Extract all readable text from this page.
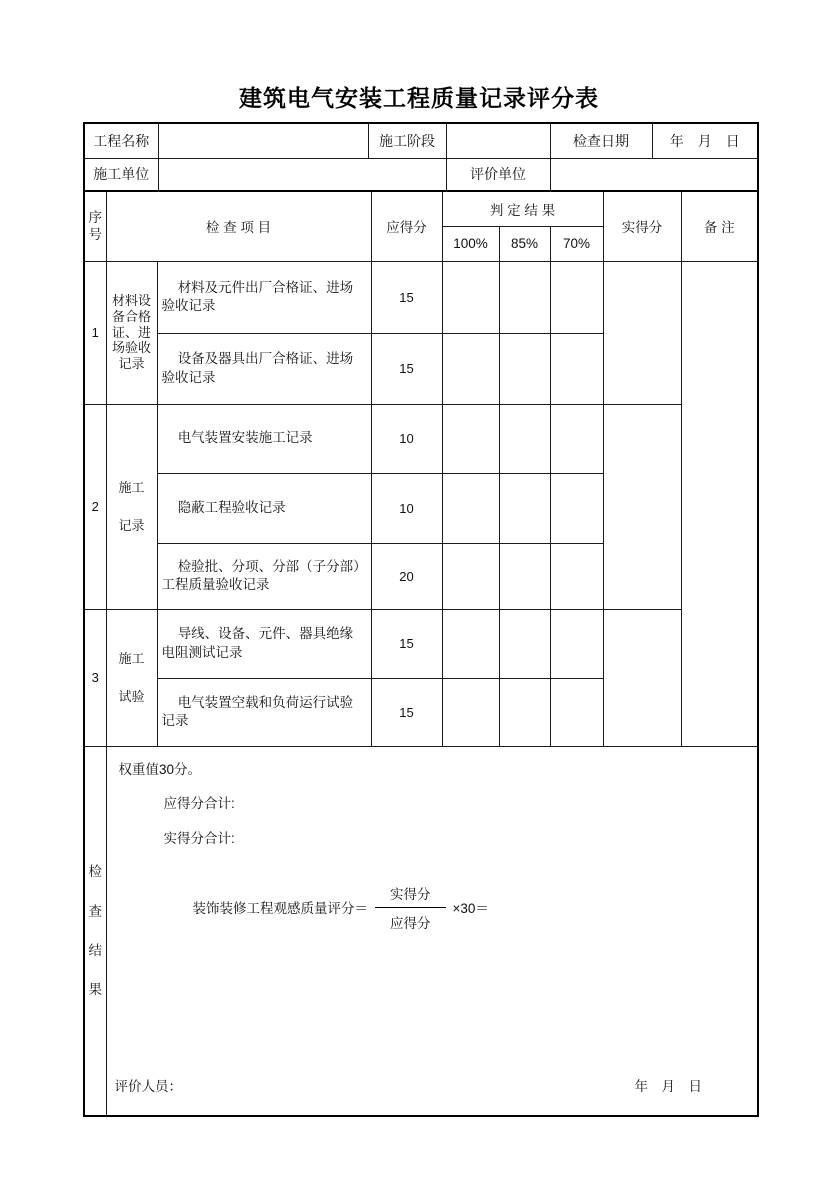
建筑电气安装工程质量记录评分表
工程名称		施工阶段		检查日期	年　月　日
施工单位			评价单位		
序号	检 查 项 目		应得分	判 定 结 果			实得分	备 注
				100%	85%	70%		
1	材料设备合格证、进场验收记录	材料及元件出厂合格证、进场验收记录	15					
		设备及器具出厂合格证、进场验收记录	15					
2	施工记录	电气装置安装施工记录	10					
		隐蔽工程验收记录	10					
		检验批、分项、分部（子分部）工程质量验收记录	20					
3	施工试验	导线、设备、元件、器具绝缘电阻测试记录	15					
		电气装置空载和负荷运行试验记录	15					
检查结果	
权重值30分。
应得分合计:
实得分合计:
装饰装修工程观感质量评分＝ $\frac{\text{实得分}}{\text{应得分}} \times 30=$
评价人员：	年　月　日
